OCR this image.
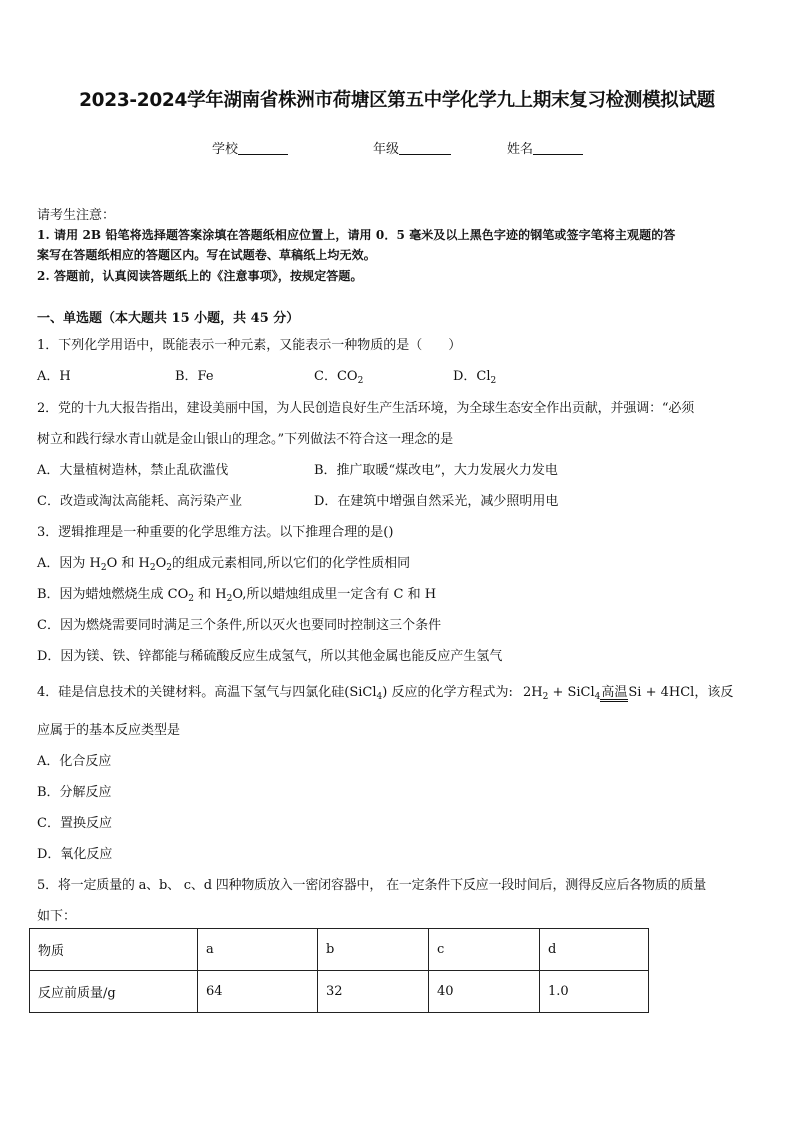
2023-2024学年湖南省株洲市荷塘区第五中学化学九上期末复习检测模拟试题
学校	年级	姓名
请考生注意：
1. 请用 2B 铅笔将选择题答案涂填在答题纸相应位置上，请用 0．5 毫米及以上黑色字迹的钢笔或签字笔将主观题的答
案写在答题纸相应的答题区内。写在试题卷、草稿纸上均无效。
2. 答题前，认真阅读答题纸上的《注意事项》，按规定答题。
一、单选题（本大题共 15 小题，共 45 分）
1．下列化学用语中，既能表示一种元素，又能表示一种物质的是（　　）
A．H	B．Fe	C．$CO_2$	D．$Cl_2$
2．党的十九大报告指出，建设美丽中国，为人民创造良好生产生活环境，为全球生态安全作出贡献，并强调：“必须
树立和践行绿水青山就是金山银山的理念。”下列做法不符合这一理念的是
A．大量植树造林，禁止乱砍滥伐	B．推广取暖“煤改电”，大力发展火力发电
C．改造或淘汰高能耗、高污染产业	D．在建筑中增强自然采光，减少照明用电
3．逻辑推理是一种重要的化学思维方法。以下推理合理的是()
A．因为 $H_2O$ 和 $H_2O_2$的组成元素相同,所以它们的化学性质相同
B．因为蜡烛燃烧生成 $CO_2$ 和 $H_2O$,所以蜡烛组成里一定含有 C 和 H
C．因为燃烧需要同时满足三个条件,所以灭火也要同时控制这三个条件
D．因为镁、铁、锌都能与稀硫酸反应生成氢气，所以其他金属也能反应产生氢气
4．硅是信息技术的关键材料。高温下氢气与四氯化硅(SiCl$_4$) 反应的化学方程式为: $2H_2$ + SiCl$_4$高温Si + 4HCl，该反
应属于的基本反应类型是
A．化合反应
B．分解反应
C．置换反应
D．氧化反应
5．将一定质量的 a、b、 c、d 四种物质放入一密闭容器中， 在一定条件下反应一段时间后，测得反应后各物质的质量
如下：
物质	a	b	c	d
反应前质量/g	64	32	40	1.0
